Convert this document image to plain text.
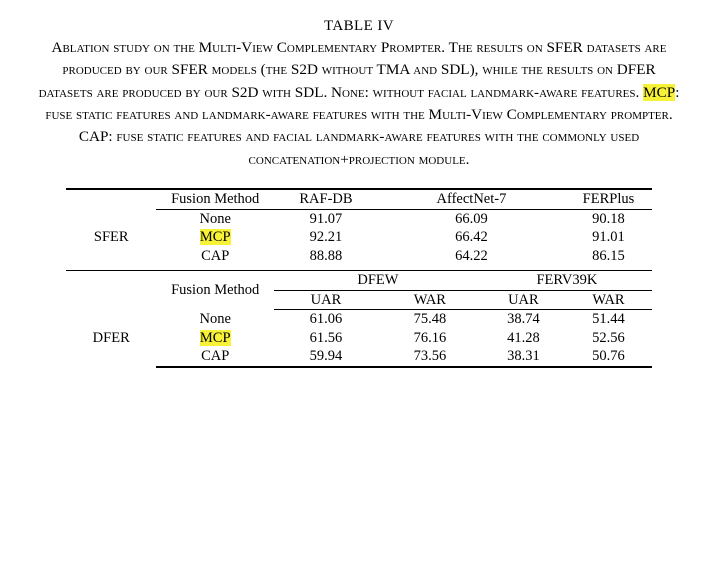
TABLE IV
Ablation study on the Multi-View Complementary Prompter. The results on SFER datasets are produced by our SFER models (the S2D without TMA and SDL), while the results on DFER datasets are produced by our S2D with SDL. None: without facial landmark-aware features. MCP: fuse static features and landmark-aware features with the Multi-View Complementary prompter. CAP: fuse static features and facial landmark-aware features with the commonly used concatenation+projection module.
	Fusion Method	RAF-DB	AffectNet-7		FERPlus
SFER	None	91.07	66.09		90.18
	MCP	92.21	66.42		91.01
	CAP	88.88	64.22		86.15

	Fusion Method	DFEW		FERV39K	
		UAR	WAR	UAR	WAR
DFER	None	61.06	75.48	38.74	51.44
	MCP	61.56	76.16	41.28	52.56
	CAP	59.94	73.56	38.31	50.76
